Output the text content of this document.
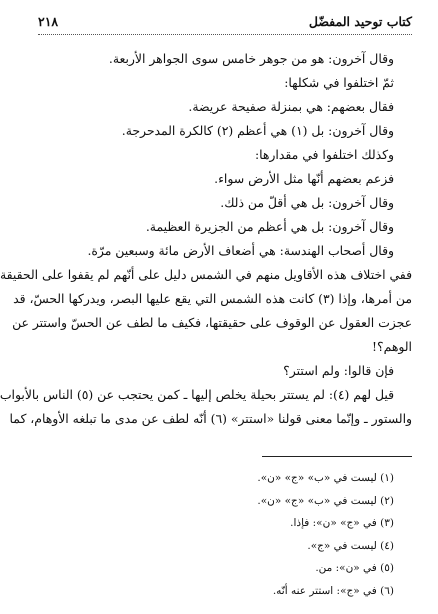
كتاب توحيد المفضّل
٢١٨
وقال آخرون: هو من جوهر خامس سوى الجواهر الأربعة.
ثمّ اختلفوا في شكلها:
فقال بعضهم: هي بمنزلة صفيحة عريضة.
وقال آخرون: بل (١) هي أعظم (٢) كالكرة المدحرجة.
وكذلك اختلفوا في مقدارها:
فزعم بعضهم أنّها مثل الأرض سواء.
وقال آخرون: بل هي أقلّ من ذلك.
وقال آخرون: بل هي أعظم من الجزيرة العظيمة.
وقال أصحاب الهندسة: هي أضعاف الأرض مائة وسبعين مرّة.
ففي اختلاف هذه الأقاويل منهم في الشمس دليل على أنّهم لم يقفوا على الحقيقة
من أمرها، وإذا (٣) كانت هذه الشمس التي يقع عليها البصر، ويدركها الحسّ، قد
عجزت العقول عن الوقوف على حقيقتها، فكيف ما لطف عن الحسّ واستتر عن
الوهم؟!
فإن قالوا: ولم استتر؟
قيل لهم (٤): لم يستتر بحيلة يخلص إليها ـ كمن يحتجب عن (٥) الناس بالأبواب
والستور ـ وإنّما معنى قولنا «استتر» (٦) أنّه لطف عن مدى ما تبلغه الأوهام، كما
(١) ليست في «ب» «ج» «ن».
(٢) ليست في «ب» «ج» «ن».
(٣) في «ج» «ن»: فإذا.
(٤) ليست في «ج».
(٥) في «ن»: من.
(٦) في «ج»: استتر عنه أنّه.
